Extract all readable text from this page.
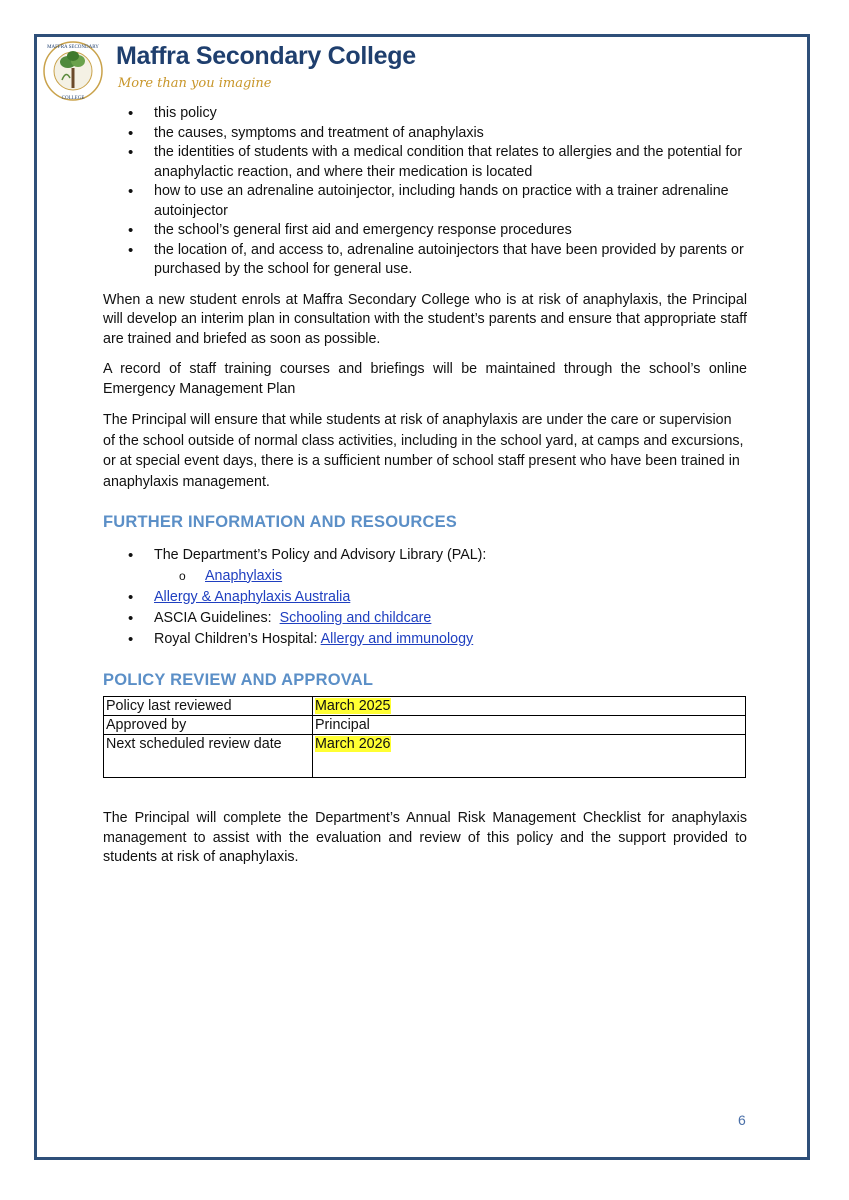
MAFFRA SECONDARY
COLLEGE
Maffra Secondary College
More than you imagine
• this policy
• the causes, symptoms and treatment of anaphylaxis
• the identities of students with a medical condition that relates to allergies and the potential for anaphylactic reaction, and where their medication is located
• how to use an adrenaline autoinjector, including hands on practice with a trainer adrenaline autoinjector
• the school’s general first aid and emergency response procedures
• the location of, and access to, adrenaline autoinjectors that have been provided by parents or purchased by the school for general use.

When a new student enrols at Maffra Secondary College who is at risk of anaphylaxis, the Principal will develop an interim plan in consultation with the student’s parents and ensure that appropriate staff are trained and briefed as soon as possible.

A record of staff training courses and briefings will be maintained through the school’s online Emergency Management Plan

The Principal will ensure that while students at risk of anaphylaxis are under the care or supervision of the school outside of normal class activities, including in the school yard, at camps and excursions, or at special event days, there is a sufficient number of school staff present who have been trained in anaphylaxis management.

FURTHER INFORMATION AND RESOURCES
• The Department’s Policy and Advisory Library (PAL):
o Anaphylaxis
• Allergy & Anaphylaxis Australia
• ASCIA Guidelines: Schooling and childcare
• Royal Children’s Hospital: Allergy and immunology
POLICY REVIEW AND APPROVAL
Policy last reviewed	March 2025
Approved by	Principal
Next scheduled review date	March 2026

The Principal will complete the Department’s Annual Risk Management Checklist for anaphylaxis management to assist with the evaluation and review of this policy and the support provided to students at risk of anaphylaxis.

6
